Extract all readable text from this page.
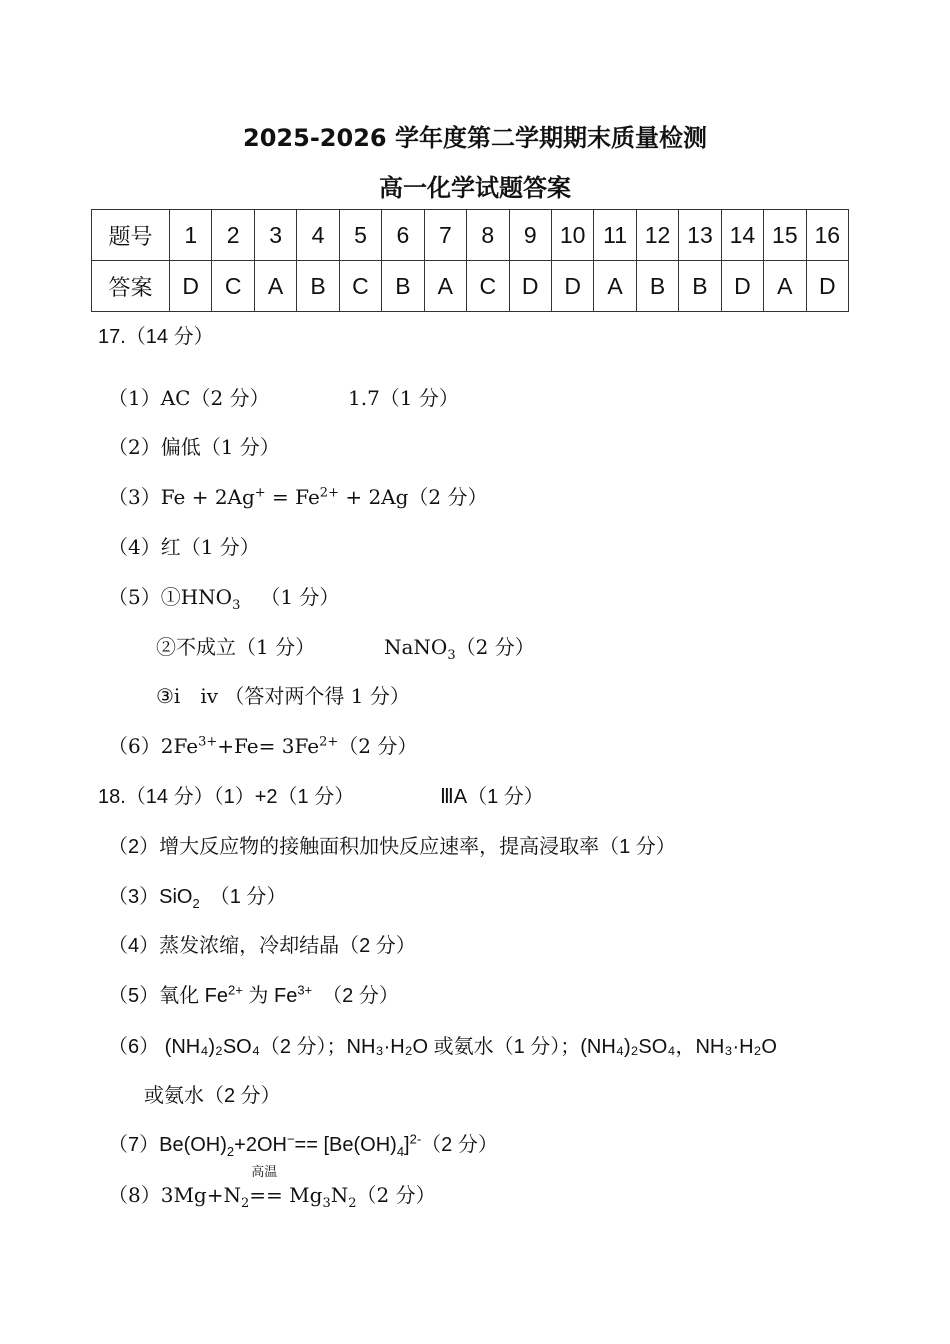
2025-2026 学年度第二学期期末质量检测
高一化学试题答案
题号	1	2	3	4	5	6	7	8	9	10	11	12	13	14	15	16
答案	D	C	A	B	C	B	A	C	D	D	A	B	B	D	A	D
17.（14 分）
（1）AC（2 分）	1.7（1 分）
（2）偏低（1 分）
$(3)Fe + 2Ag^+ = Fe^{2+} + 2Ag(2$ 分）
（4）红（1 分）
$(5)①HNO_3$  （1 分）
②不成立（1 分）	NaNO$_3$（2 分）
③i　iv （答对两个得 1 分）
$(6)2Fe^{3+}+Fe= 3Fe^{2+}(2$ 分）
18.（14 分）（1）+2（1 分）	ⅢA（1 分）
（2）增大反应物的接触面积加快反应速率，提高浸取率（1 分）
（3）SiO$_2$  （1 分）
（4）蒸发浓缩，冷却结晶（2 分）
（5）氧化 $Fe^{2+}$ 为 $Fe^{3+}$  （2 分）
（6） (NH₄)₂SO₄（2 分）；NH₃·H₂O 或氨水（1 分）；(NH₄)₂SO₄，NH₃·H₂O
或氨水（2 分）
$(7)Be(OH)_2+2OH^-== [Be(OH)_4]^{2-}(2$ 分）
$(8)3Mg+N_2$
高温
== $Mg_3N_2(2$ 分）
